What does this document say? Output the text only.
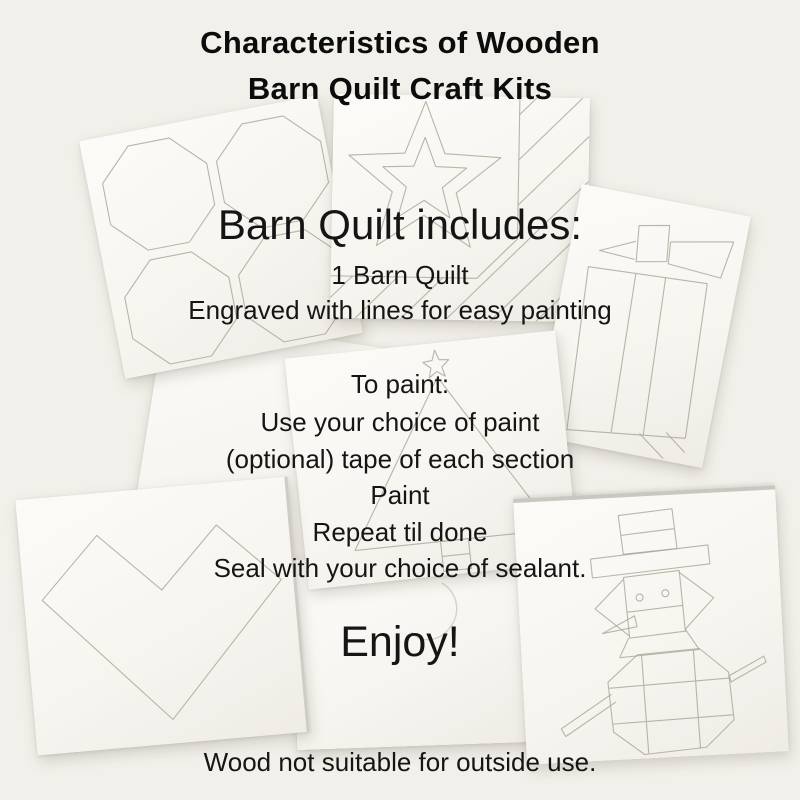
Characteristics of Wooden
Barn Quilt Craft Kits
Barn Quilt includes:
1 Barn Quilt
Engraved with lines for easy painting
To paint:
Use your choice of paint
(optional) tape of each section
Paint
Repeat til done
Seal with your choice of sealant.
Enjoy!
Wood not suitable for outside use.
